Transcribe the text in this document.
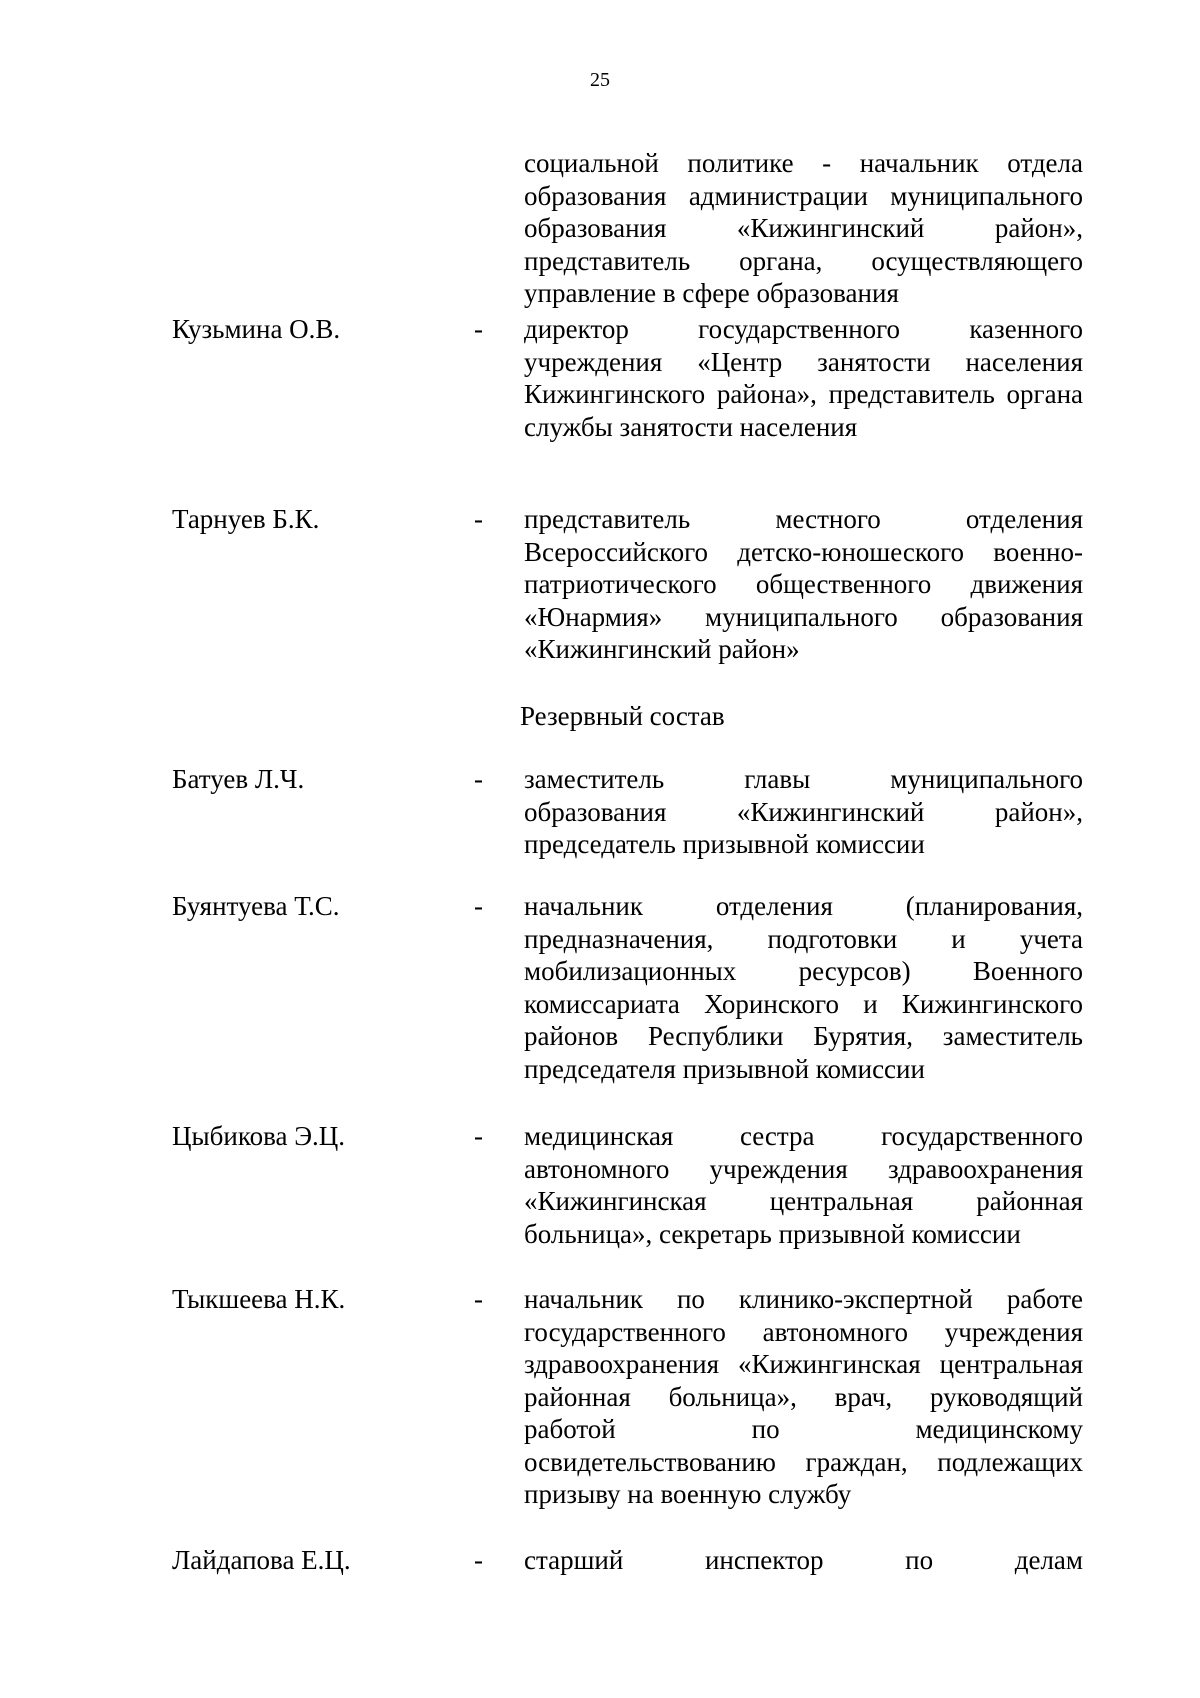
25
социальной политике - начальник отдела образования администрации муниципального образования «Кижингинский район», представитель органа, осуществляющего управление в сфере образования
Кузьмина О.В.	- директор государственного казенного учреждения «Центр занятости населения Кижингинского района», представитель органа службы занятости населения
Тарнуев Б.К.	- представитель местного отделения Всероссийского детско-юношеского военно-патриотического общественного движения «Юнармия» муниципального образования «Кижингинский район»
Резервный состав
Батуев Л.Ч.	- заместитель главы муниципального образования «Кижингинский район», председатель призывной комиссии
Буянтуева Т.С.	- начальник отделения (планирования, предназначения, подготовки и учета мобилизационных ресурсов) Военного комиссариата Хоринского и Кижингинского районов Республики Бурятия, заместитель председателя призывной комиссии
Цыбикова Э.Ц.	- медицинская сестра государственного автономного учреждения здравоохранения «Кижингинская центральная районная больница», секретарь призывной комиссии
Тыкшеева Н.К.	- начальник по клинико-экспертной работе государственного автономного учреждения здравоохранения «Кижингинская центральная районная больница», врач, руководящий работой по медицинскому освидетельствованию граждан, подлежащих призыву на военную службу
Лайдапова Е.Ц.	- старший инспектор по делам
